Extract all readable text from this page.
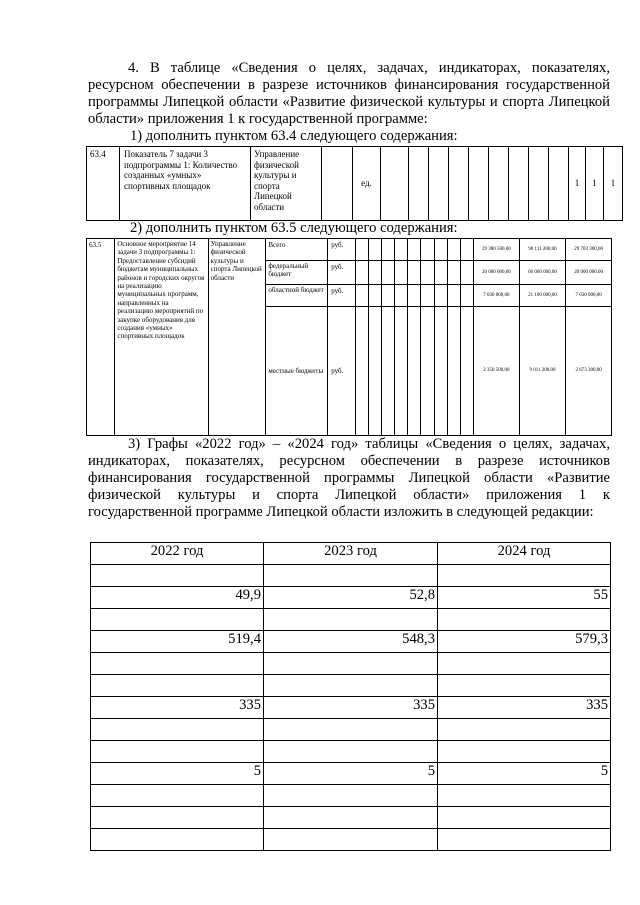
4. В таблице «Сведения о целях, задачах, индикаторах, показателях, ресурсном обеспечении в разрезе источников финансирования государственной программы Липецкой области «Развитие физической культуры и спорта Липецкой области» приложения 1 к государственной программе:

1) дополнить пунктом 63.4 следующего содержания:

63.4	Показатель 7 задачи 3 подпрограммы 1: Количество созданных «умных» спортивных площадок	Управление физической культуры и спорта Липецкой области		ед.										1	1	1

2) дополнить пунктом 63.5 следующего содержания:

63.5	Основное мероприятие 14 задачи 3 подпрограммы 1: Предоставление субсидий бюджетам муниципальных районов и городских округов на реализацию муниципальных программ, направленных на реализацию мероприятий по закупке оборудования для создания «умных» спортивных площадок	Управление физической культуры и спорта Липецкой области	Всего	руб.										29 380 500,00	90 111 200,00	29 703 300,00
			федеральный бюджет	руб.										20 000 000,00	60 000 000,00	20 000 000,00
			областной бюджет	руб.										7 030 000,00	21 100 000,00	7 030 000,00
			местные бюджеты	руб.										2 350 500,00	9 011 200,00	2 673 300,00

3) Графы «2022 год» – «2024 год» таблицы «Сведения о целях, задачах, индикаторах, показателях, ресурсном обеспечении в разрезе источников финансирования государственной программы Липецкой области «Развитие физической культуры и спорта Липецкой области» приложения 1 к государственной программе Липецкой области изложить в следующей редакции:

2022 год	2023 год	2024 год

49,9	52,8	55

519,4	548,3	579,3

335	335	335

5	5	5
